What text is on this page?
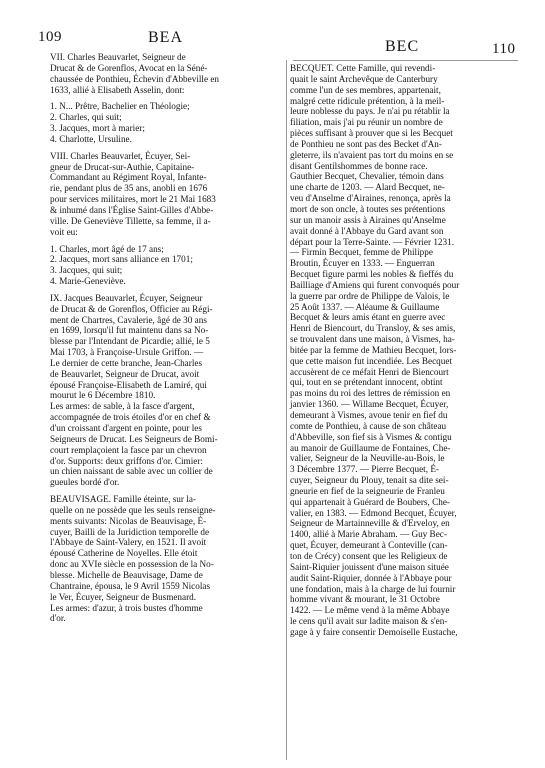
109	BEA
BEC	110

VII. Charles Beauvarlet, Seigneur de

Drucat & de Gorenflos, Avocat en la Séné-

chaussée de Ponthieu, Échevin d'Abbeville en

1633, allié à Elisabeth Asselin, dont:

1. N... Prêtre, Bachelier en Théologie;

2. Charles, qui suit;

3. Jacques, mort à marier;

4. Charlotte, Ursuline.

VIII. Charles Beauvarlet, Écuyer, Sei-

gneur de Drucat-sur-Authie, Capitaine-

Commandant au Régiment Royal, Infante-

rie, pendant plus de 35 ans, anobli en 1676

pour services militaires, mort le 21 Mai 1683

& inhumé dans l'Église Saint-Gilles d'Abbe-

ville. De Geneviève Tillette, sa femme, il a-

voit eu:

1. Charles, mort âgé de 17 ans;

2. Jacques, mort sans alliance en 1701;

3. Jacques, qui suit;

4. Marie-Geneviève.

IX. Jacques Beauvarlet, Écuyer, Seigneur

de Drucat & de Gorenflos, Officier au Régi-

ment de Chartres, Cavalerie, âgé de 30 ans

en 1699, lorsqu'il fut maintenu dans sa No-

blesse par l'Intendant de Picardie; allié, le 5

Mai 1703, à Françoise-Ursule Griffon. —

Le dernier de cette branche, Jean-Charles

de Beauvarlet, Seigneur de Drucat, avoit

épousé Françoise-Elisabeth de Lamiré, qui

mourut le 6 Décembre 1810.

Les armes: de sable, à la fasce d'argent,

accompagnée de trois étoiles d'or en chef &

d'un croissant d'argent en pointe, pour les

Seigneurs de Drucat. Les Seigneurs de Bomi-

court remplaçoient la fasce par un chevron

d'or. Supports: deux griffons d'or. Cimier:

un chien naissant de sable avec un collier de

gueules bordé d'or.

BEAUVISAGE. Famille éteinte, sur la-

quelle on ne possède que les seuls renseigne-

ments suivants: Nicolas de Beauvisage, É-

cuyer, Bailli de la Juridiction temporelle de

l'Abbaye de Saint-Valery, en 1521. Il avoit

épousé Catherine de Noyelles. Elle étoit

donc au XVIe siècle en possession de la No-

blesse. Michelle de Beauvisage, Dame de

Chantraine, épousa, le 9 Avril 1559 Nicolas

le Ver, Écuyer, Seigneur de Busmenard.

Les armes: d'azur, à trois bustes d'homme

d'or.

BECQUET. Cette Famille, qui revendi-

quait le saint Archevêque de Canterbury

comme l'un de ses membres, appartenait,

malgré cette ridicule prétention, à la meil-

leure noblesse du pays. Je n'ai pu rétablir la

filiation, mais j'ai pu réunir un nombre de

pièces suffisant à prouver que si les Becquet

de Ponthieu ne sont pas des Becket d'An-

gleterre, ils n'avaient pas tort du moins en se

disant Gentilshommes de bonne race.

Gauthier Becquet, Chevalier, témoin dans

une charte de 1203. — Alard Becquet, ne-

veu d'Anselme d'Airaines, renonça, après la

mort de son oncle, à toutes ses prétentions

sur un manoir assis à Airaines qu'Anselme

avait donné à l'Abbaye du Gard avant son

départ pour la Terre-Sainte. — Février 1231.

— Firmin Becquet, femme de Philippe

Broutin, Écuyer en 1333. — Enguerran

Becquet figure parmi les nobles & fieffés du

Bailliage d'Amiens qui furent convoqués pour

la guerre par ordre de Philippe de Valois, le

25 Août 1337. — Aléaume & Guillaume

Becquet & leurs amis étant en guerre avec

Henri de Biencourt, du Transloy, & ses amis,

se trouvalent dans une maison, à Vismes, ha-

bitée par la femme de Mathieu Becquet, lors-

que cette maison fut incendiée. Les Becquet

accusèrent de ce méfait Henri de Biencourt

qui, tout en se prétendant innocent, obtint

pas moins du roi des lettres de rémission en

janvier 1360. — Willame Becquet, Écuyer,

demeurant à Vismes, avoue tenir en fief du

comte de Ponthieu, à cause de son château

d'Abbeville, son fief sis à Vismes & contigu

au manoir de Guillaume de Fontaines, Che-

valier, Seigneur de la Neuville-au-Bois, le

3 Décembre 1377. — Pierre Becquet, É-

cuyer, Seigneur du Plouy, tenait sa dite sei-

gneurie en fief de la seigneurie de Franleu

qui appartenait à Guérard de Boubers, Che-

valier, en 1383. — Edmond Becquet, Écuyer,

Seigneur de Martainneville & d'Erveloy, en

1400, allié à Marie Abraham. — Guy Bec-

quet, Écuyer, demeurant à Conteville (can-

ton de Crécy) consent que les Religieux de

Saint-Riquier jouissent d'une maison située

audit Saint-Riquier, donnée à l'Abbaye pour

une fondation, mais à la charge de lui fournir

homme vivant & mourant, le 31 Octobre

1422. — Le même vend à la même Abbaye

le cens qu'il avait sur ladite maison & s'en-

gage à y faire consentir Demoiselle Eustache,
